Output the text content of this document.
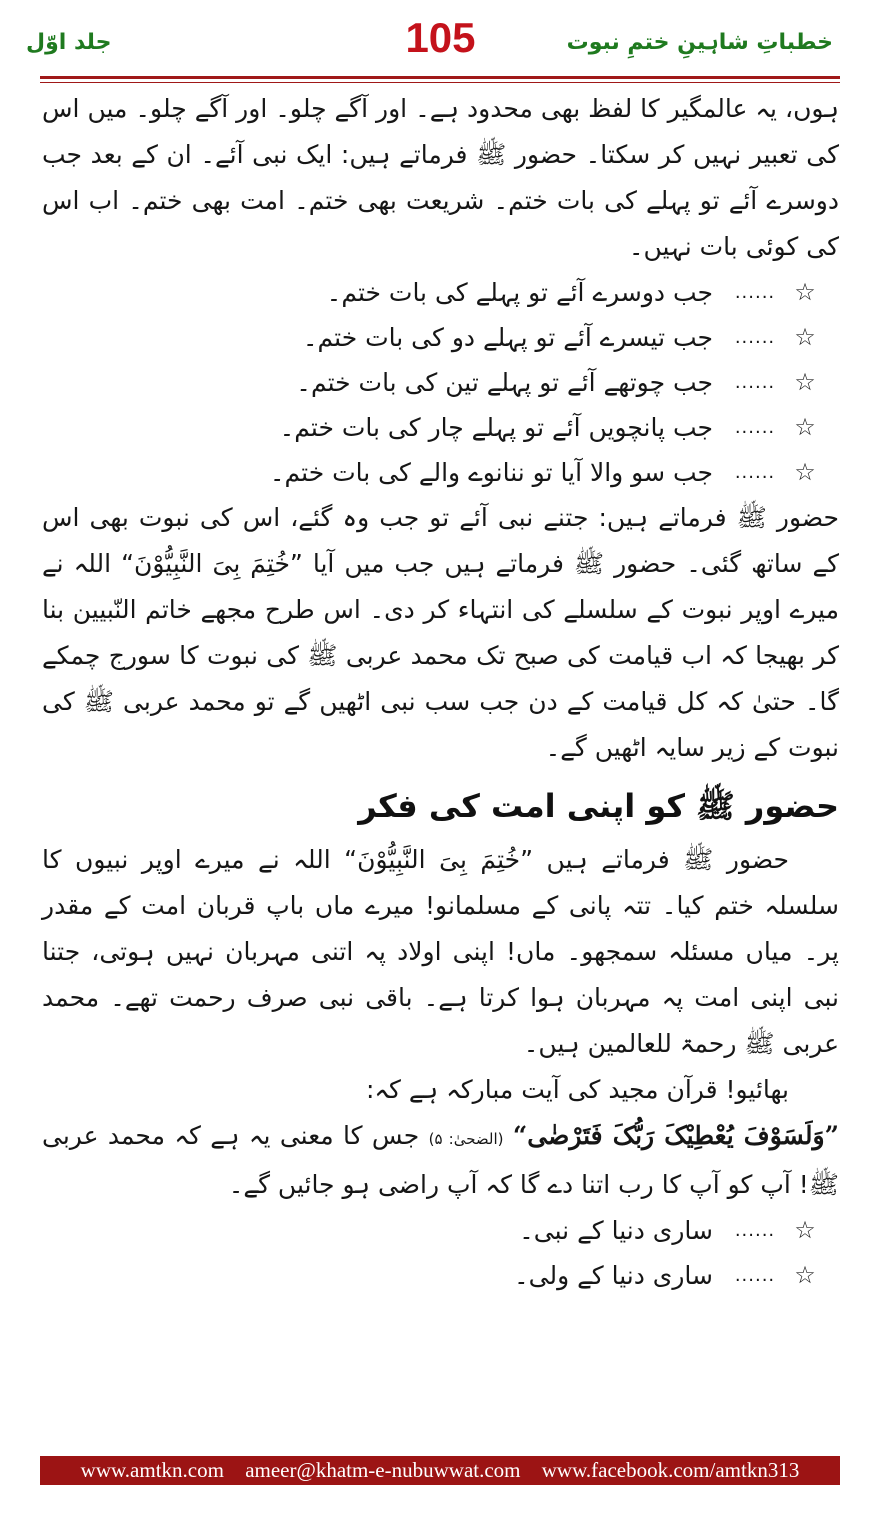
جلد اوّل	105	خطباتِ شاہینِ ختمِ نبوت

ہوں، یہ عالمگیر کا لفظ بھی محدود ہے۔ اور آگے چلو۔ اور آگے چلو۔ میں اس کی تعبیر نہیں کر سکتا۔ حضور ﷺ فرماتے ہیں: ایک نبی آئے۔ ان کے بعد جب دوسرے آئے تو پہلے کی بات ختم۔ شریعت بھی ختم۔ امت بھی ختم۔ اب اس کی کوئی بات نہیں۔

☆
......
جب دوسرے آئے تو پہلے کی بات ختم۔
☆
......
جب تیسرے آئے تو پہلے دو کی بات ختم۔
☆
......
جب چوتھے آئے تو پہلے تین کی بات ختم۔
☆
......
جب پانچویں آئے تو پہلے چار کی بات ختم۔
☆
......
جب سو والا آیا تو ننانوے والے کی بات ختم۔

حضور ﷺ فرماتے ہیں: جتنے نبی آئے تو جب وہ گئے، اس کی نبوت بھی اس کے ساتھ گئی۔ حضور ﷺ فرماتے ہیں جب میں آیا ”خُتِمَ بِیَ النَّبِیُّوْنَ“ اللہ نے میرے اوپر نبوت کے سلسلے کی انتہاء کر دی۔ اس طرح مجھے خاتم النّبیین بنا کر بھیجا کہ اب قیامت کی صبح تک محمد عربی ﷺ کی نبوت کا سورج چمکے گا۔ حتیٰ کہ کل قیامت کے دن جب سب نبی اٹھیں گے تو محمد عربی ﷺ کی نبوت کے زیر سایہ اٹھیں گے۔

حضور ﷺ کو اپنی امت کی فکر

حضور ﷺ فرماتے ہیں ”خُتِمَ بِیَ النَّبِیُّوْنَ“ اللہ نے میرے اوپر نبیوں کا سلسلہ ختم کیا۔ تتہ پانی کے مسلمانو! میرے ماں باپ قربان امت کے مقدر پر۔ میاں مسئلہ سمجھو۔ ماں! اپنی اولاد پہ اتنی مہربان نہیں ہوتی، جتنا نبی اپنی امت پہ مہربان ہوا کرتا ہے۔ باقی نبی صرف رحمت تھے۔ محمد عربی ﷺ رحمۃ للعالمین ہیں۔

بھائیو! قرآن مجید کی آیت مبارکہ ہے کہ:

”وَلَسَوْفَ یُعْطِیْکَ رَبُّکَ فَتَرْضٰی“ (الضحیٰ: ۵) جس کا معنی یہ ہے کہ محمد عربی ﷺ! آپ کو آپ کا رب اتنا دے گا کہ آپ راضی ہو جائیں گے۔

☆
......
ساری دنیا کے نبی۔
☆
......
ساری دنیا کے ولی۔
www.amtkn.com ameer@khatm-e-nubuwwat.com www.facebook.com/amtkn313
